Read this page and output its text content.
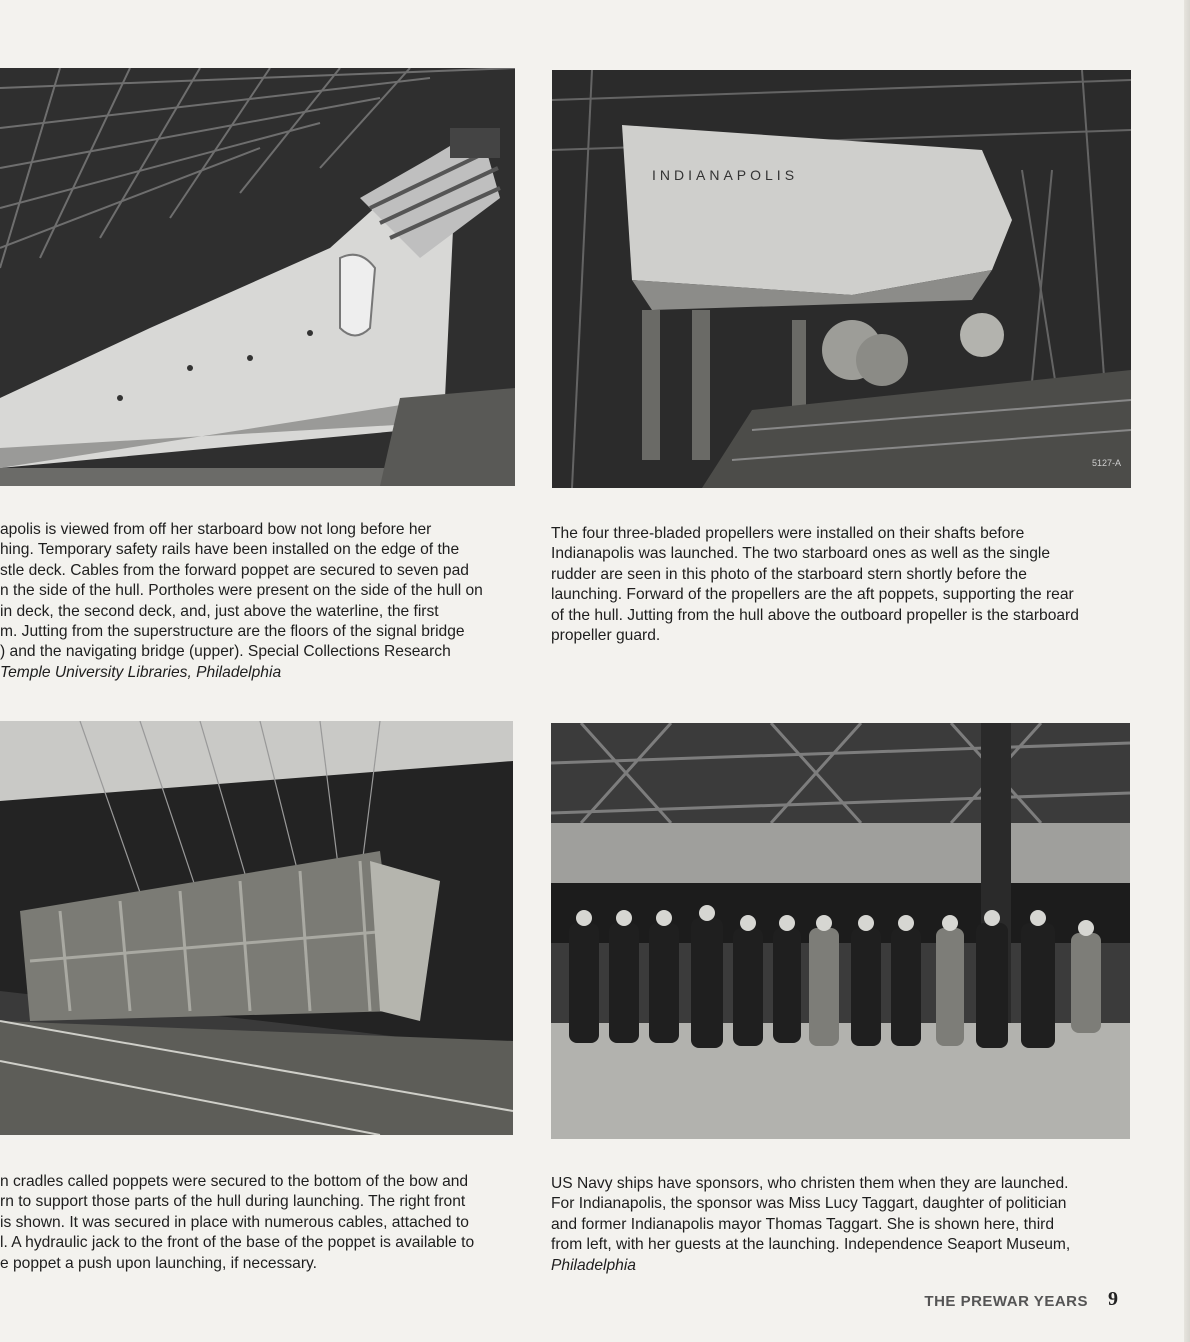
INDIANAPOLIS
5127-A
apolis is viewed from off her starboard bow not long before her
hing. Temporary safety rails have been installed on the edge of the
stle deck. Cables from the forward poppet are secured to seven pad
n the side of the hull. Portholes were present on the side of the hull on
in deck, the second deck, and, just above the waterline, the first
m. Jutting from the superstructure are the floors of the signal bridge
) and the navigating bridge (upper). Special Collections Research
Temple University Libraries, Philadelphia
The four three-bladed propellers were installed on their shafts before
Indianapolis was launched. The two starboard ones as well as the single
rudder are seen in this photo of the starboard stern shortly before the
launching. Forward of the propellers are the aft poppets, supporting the rear
of the hull. Jutting from the hull above the outboard propeller is the starboard
propeller guard.
n cradles called poppets were secured to the bottom of the bow and
rn to support those parts of the hull during launching. The right front
is shown. It was secured in place with numerous cables, attached to
l. A hydraulic jack to the front of the base of the poppet is available to
e poppet a push upon launching, if necessary.
US Navy ships have sponsors, who christen them when they are launched.
For Indianapolis, the sponsor was Miss Lucy Taggart, daughter of politician
and former Indianapolis mayor Thomas Taggart. She is shown here, third
from left, with her guests at the launching. Independence Seaport Museum,
Philadelphia
THE PREWAR YEARS 9
